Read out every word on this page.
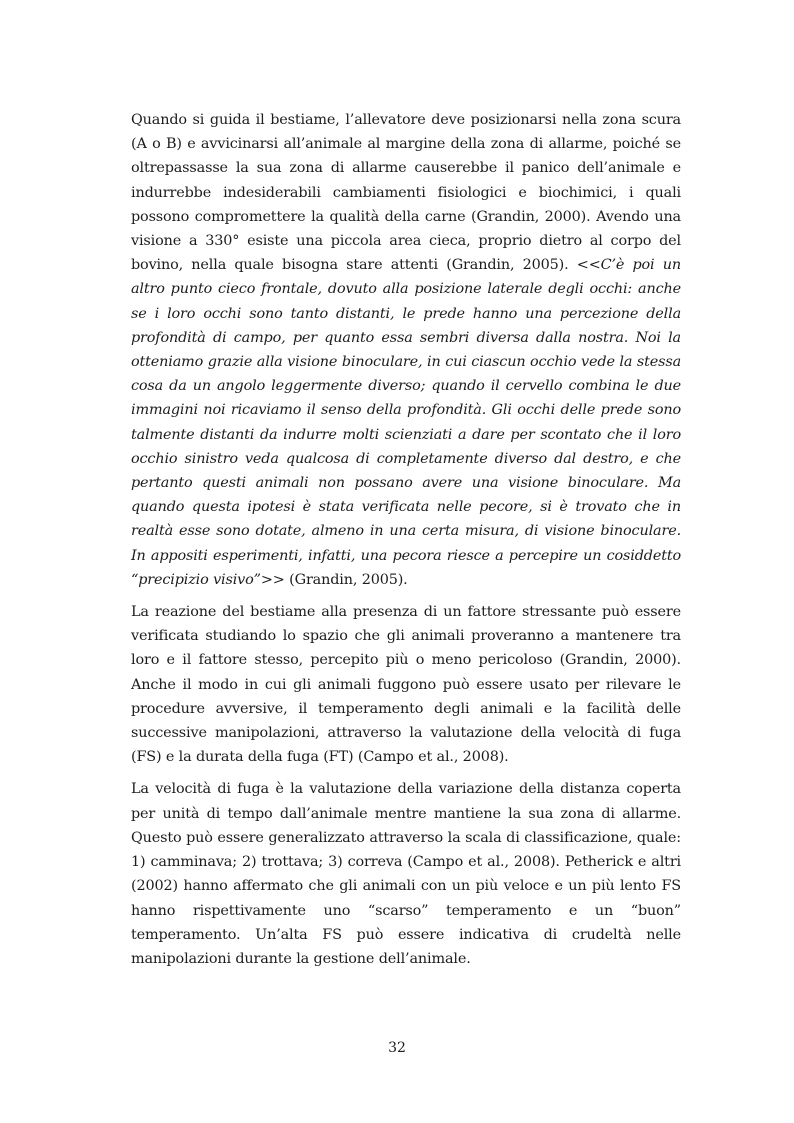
Quando si guida il bestiame, l’allevatore deve posizionarsi nella zona scura (A o B) e avvicinarsi all’animale al margine della zona di allarme, poiché se oltrepassasse la sua zona di allarme causerebbe il panico dell’animale e indurrebbe indesiderabili cambiamenti fisiologici e biochimici, i quali possono compromettere la qualità della carne (Grandin, 2000). Avendo una visione a 330° esiste una piccola area cieca, proprio dietro al corpo del bovino, nella quale bisogna stare attenti (Grandin, 2005). <<C’è poi un altro punto cieco frontale, dovuto alla posizione laterale degli occhi: anche se i loro occhi sono tanto distanti, le prede hanno una percezione della profondità di campo, per quanto essa sembri diversa dalla nostra. Noi la otteniamo grazie alla visione binoculare, in cui ciascun occhio vede la stessa cosa da un angolo leggermente diverso; quando il cervello combina le due immagini noi ricaviamo il senso della profondità. Gli occhi delle prede sono talmente distanti da indurre molti scienziati a dare per scontato che il loro occhio sinistro veda qualcosa di completamente diverso dal destro, e che pertanto questi animali non possano avere una visione binoculare. Ma quando questa ipotesi è stata verificata nelle pecore, si è trovato che in realtà esse sono dotate, almeno in una certa misura, di visione binoculare. In appositi esperimenti, infatti, una pecora riesce a percepire un cosiddetto “precipizio visivo”>> (Grandin, 2005).

La reazione del bestiame alla presenza di un fattore stressante può essere verificata studiando lo spazio che gli animali proveranno a mantenere tra loro e il fattore stesso, percepito più o meno pericoloso (Grandin, 2000). Anche il modo in cui gli animali fuggono può essere usato per rilevare le procedure avversive, il temperamento degli animali e la facilità delle successive manipolazioni, attraverso la valutazione della velocità di fuga (FS) e la durata della fuga (FT) (Campo et al., 2008).

La velocità di fuga è la valutazione della variazione della distanza coperta per unità di tempo dall’animale mentre mantiene la sua zona di allarme. Questo può essere generalizzato attraverso la scala di classificazione, quale: 1) camminava; 2) trottava; 3) correva (Campo et al., 2008). Petherick e altri (2002) hanno affermato che gli animali con un più veloce e un più lento FS hanno rispettivamente uno “scarso” temperamento e un “buon” temperamento. Un’alta FS può essere indicativa di crudeltà nelle manipolazioni durante la gestione dell’animale.

32
